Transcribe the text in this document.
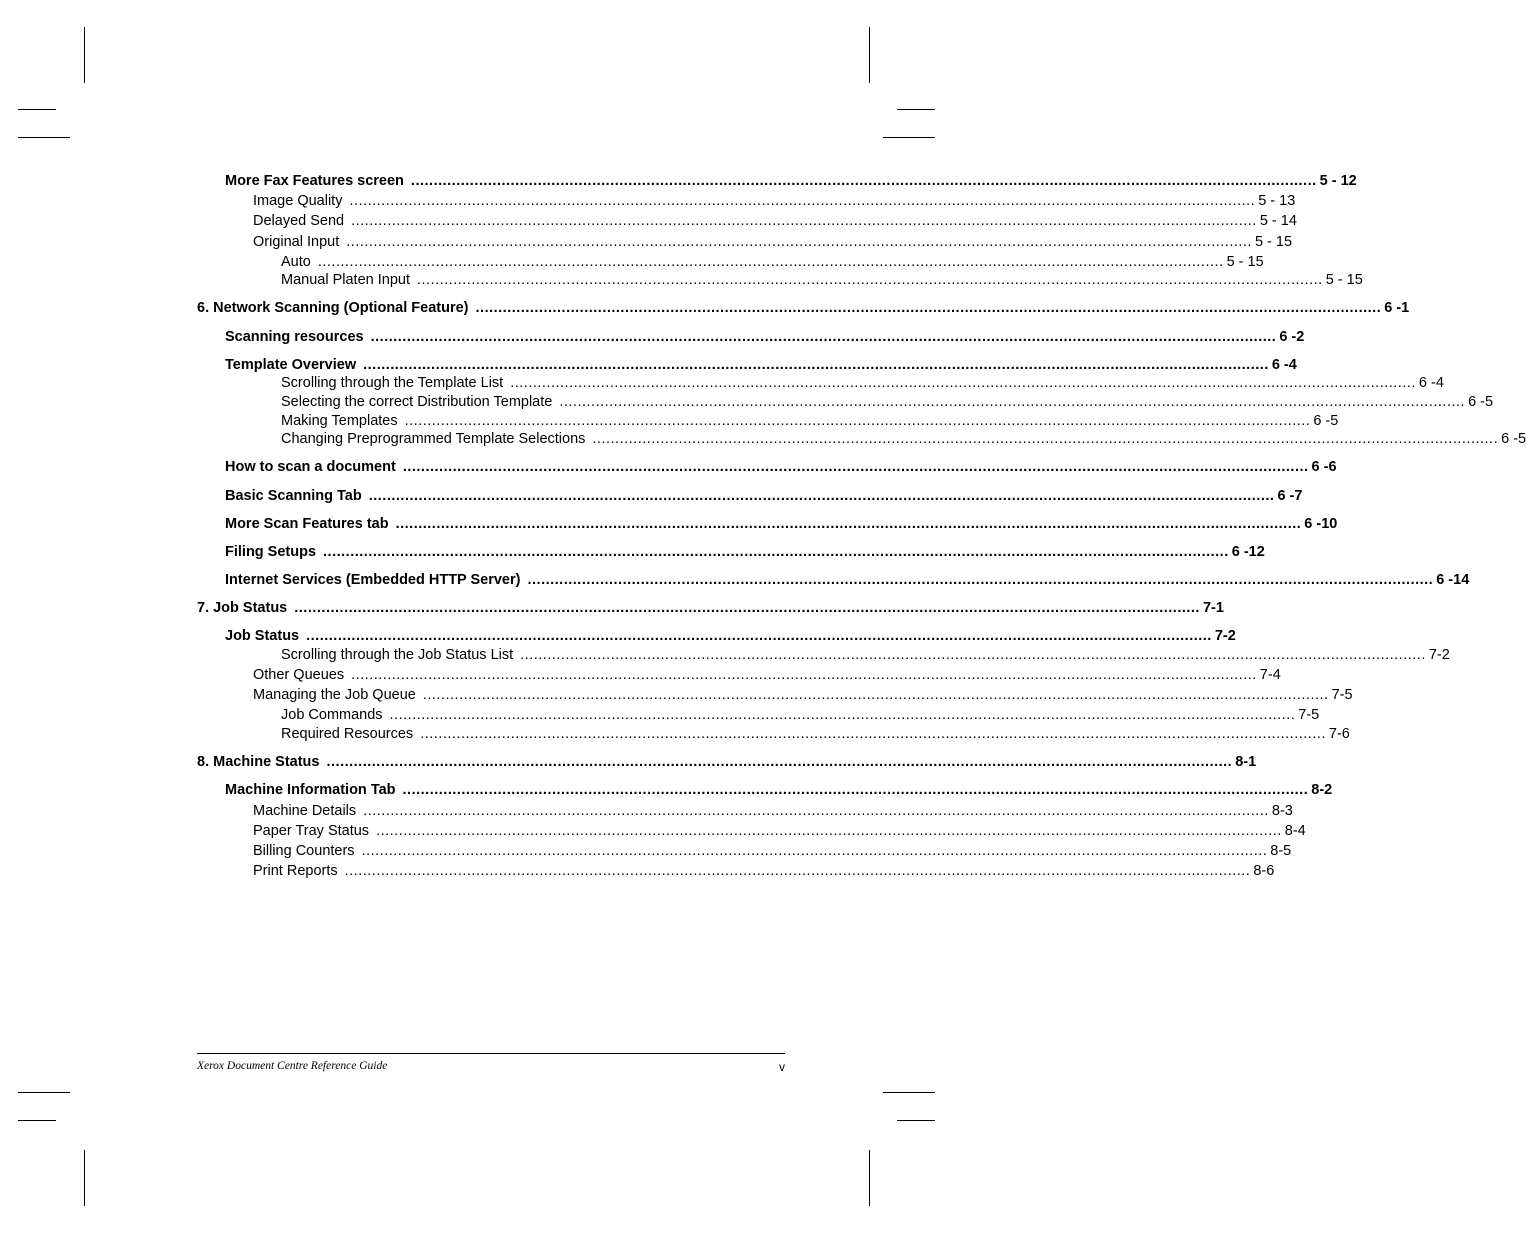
More Fax Features screen ........................................................................................................................................................................................................ 5 - 12
Image Quality ........................................................................................................................................................................................................ 5 - 13
Delayed Send ........................................................................................................................................................................................................ 5 - 14
Original Input ........................................................................................................................................................................................................ 5 - 15
Auto ........................................................................................................................................................................................................ 5 - 15
Manual Platen Input ........................................................................................................................................................................................................ 5 - 15
6. Network Scanning (Optional Feature) ........................................................................................................................................................................................................ 6 -1
Scanning resources ........................................................................................................................................................................................................ 6 -2
Template Overview ........................................................................................................................................................................................................ 6 -4
Scrolling through the Template List ........................................................................................................................................................................................................ 6 -4
Selecting the correct Distribution Template ........................................................................................................................................................................................................ 6 -5
Making Templates ........................................................................................................................................................................................................ 6 -5
Changing Preprogrammed Template Selections ........................................................................................................................................................................................................ 6 -5
How to scan a document ........................................................................................................................................................................................................ 6 -6
Basic Scanning Tab ........................................................................................................................................................................................................ 6 -7
More Scan Features tab ........................................................................................................................................................................................................ 6 -10
Filing Setups ........................................................................................................................................................................................................ 6 -12
Internet Services (Embedded HTTP Server) ........................................................................................................................................................................................................ 6 -14
7. Job Status ........................................................................................................................................................................................................ 7-1
Job Status ........................................................................................................................................................................................................ 7-2
Scrolling through the Job Status List ........................................................................................................................................................................................................ 7-2
Other Queues ........................................................................................................................................................................................................ 7-4
Managing the Job Queue ........................................................................................................................................................................................................ 7-5
Job Commands ........................................................................................................................................................................................................ 7-5
Required Resources ........................................................................................................................................................................................................ 7-6
8. Machine Status ........................................................................................................................................................................................................ 8-1
Machine Information Tab ........................................................................................................................................................................................................ 8-2
Machine Details ........................................................................................................................................................................................................ 8-3
Paper Tray Status ........................................................................................................................................................................................................ 8-4
Billing Counters ........................................................................................................................................................................................................ 8-5
Print Reports ........................................................................................................................................................................................................ 8-6
Xerox Document Centre Reference Guide	v
